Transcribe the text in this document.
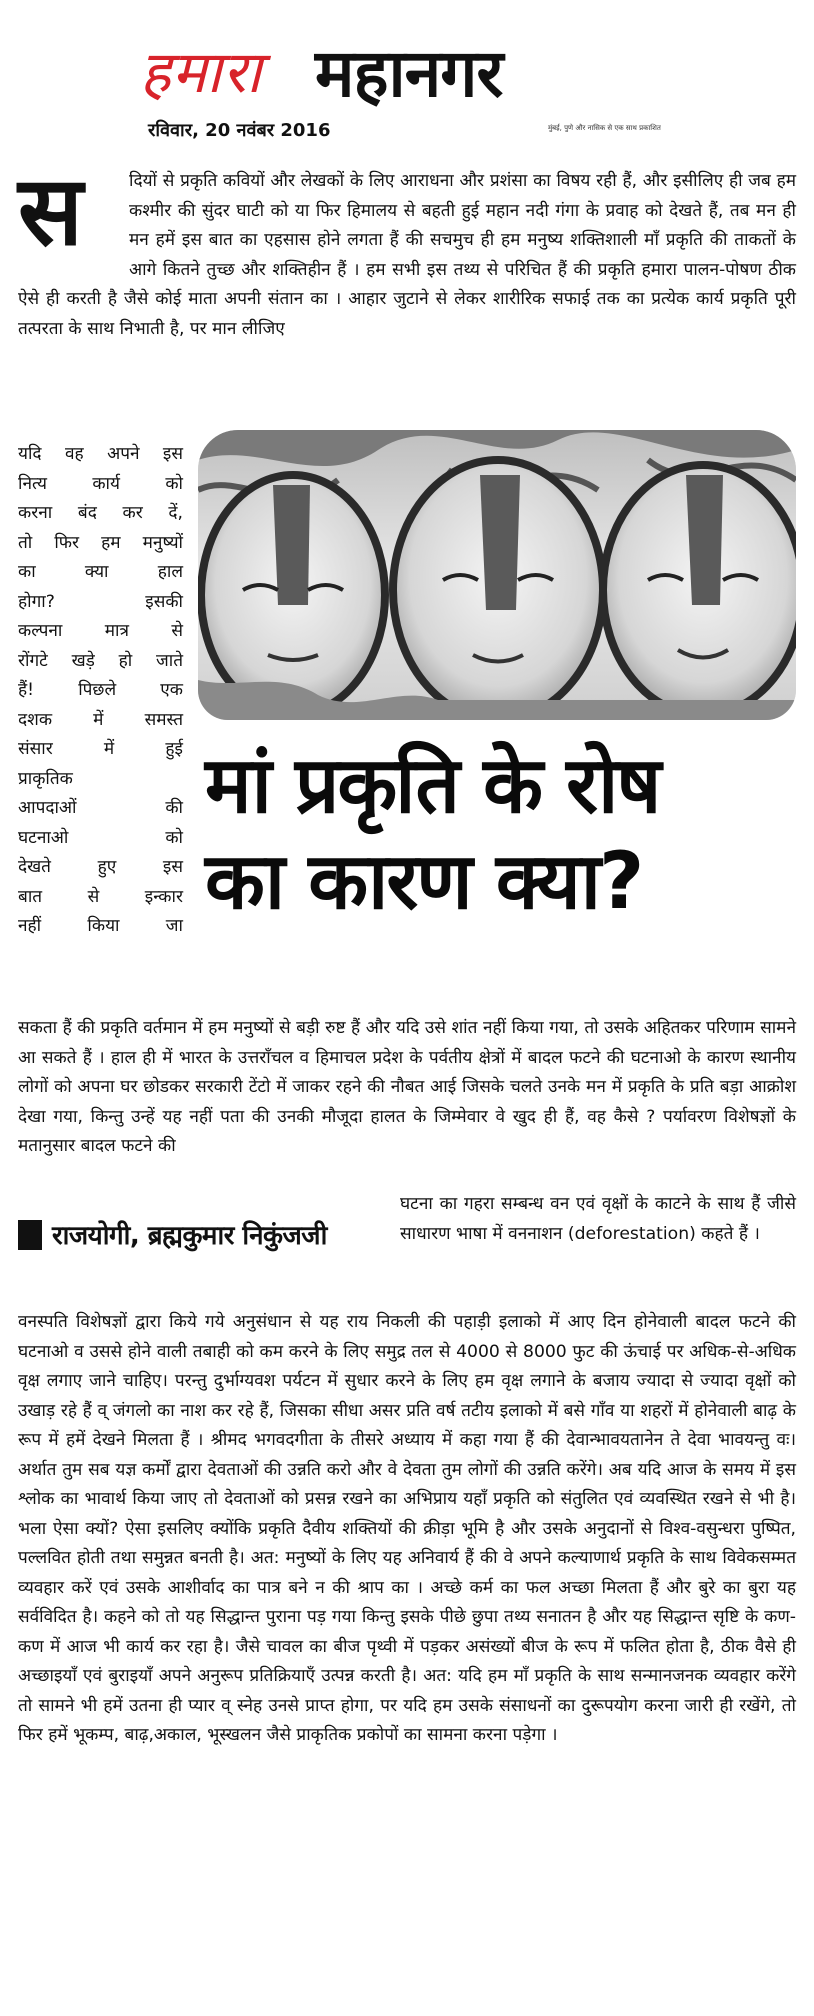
हमारा महानगर
रविवार, 20 नवंबर 2016	मुंबई, पुणे और नासिक से एक साथ प्रकाशित
स	दियों से प्रकृति कवियों और लेखकों के लिए आराधना और प्रशंसा का विषय रही हैं, और इसीलिए ही जब हम कश्मीर की सुंदर घाटी को या फिर हिमालय से बहती हुई महान नदी गंगा के प्रवाह को देखते हैं, तब मन ही मन हमें इस बात का एहसास होने लगता हैं की सचमुच ही हम मनुष्य शक्तिशाली माँ प्रकृति की ताकतों के आगे कितने तुच्छ और शक्तिहीन हैं । हम सभी इस तथ्य से परिचित हैं की प्रकृति हमारा पालन-पोषण ठीक ऐसे ही करती है जैसे कोई माता अपनी संतान का । आहार जुटाने से लेकर शारीरिक सफाई तक का प्रत्येक कार्य प्रकृति पूरी तत्परता के साथ निभाती है, पर मान लीजिए
यदि वह अपने इस
नित्य कार्य को
करना बंद कर दें,
तो फिर हम मनुष्यों
का क्या हाल
होगा? इसकी
कल्पना मात्र से
रोंगटे खड़े हो जाते
हैं! पिछले एक
दशक में समस्त
संसार में हुई
प्राकृतिक
आपदाओं की
घटनाओ को
देखते हुए इस
बात से इन्कार
नहीं किया जा
मां प्रकृति के रोष
का कारण क्या?
सकता हैं की प्रकृति वर्तमान में हम मनुष्यों से बड़ी रुष्ट हैं और यदि उसे शांत नहीं किया गया, तो उसके अहितकर परिणाम सामने आ सकते हैं । हाल ही में भारत के उत्तराँचल व हिमाचल प्रदेश के पर्वतीय क्षेत्रों में बादल फटने की घटनाओ के कारण स्थानीय लोगों को अपना घर छोडकर सरकारी टेंटो में जाकर रहने की नौबत आई जिसके चलते उनके मन में प्रकृति के प्रति बड़ा आक्रोश देखा गया, किन्तु उन्हें यह नहीं पता की उनकी मौजूदा हालत के जिम्मेवार वे खुद ही हैं, वह कैसे ? पर्यावरण विशेषज्ञों के मतानुसार बादल फटने की
राजयोगी, ब्रह्मकुमार निकुंजजी
घटना का गहरा सम्बन्ध वन एवं वृक्षों के काटने के साथ हैं जीसे साधारण भाषा में वननाशन (deforestation) कहते हैं ।
वनस्पति विशेषज्ञों द्वारा किये गये अनुसंधान से यह राय निकली की पहाड़ी इलाको में आए दिन होनेवाली बादल फटने की घटनाओ व उससे होने वाली तबाही को कम करने के लिए समुद्र तल से 4000 से 8000 फुट की ऊंचाई पर अधिक-से-अधिक वृक्ष लगाए जाने चाहिए। परन्तु दुर्भाग्यवश पर्यटन में सुधार करने के लिए हम वृक्ष लगाने के बजाय ज्यादा से ज्यादा वृक्षों को उखाड़ रहे हैं व् जंगलो का नाश कर रहे हैं, जिसका सीधा असर प्रति वर्ष तटीय इलाको में बसे गाँव या शहरों में होनेवाली बाढ़ के रूप में हमें देखने मिलता हैं । श्रीमद भगवदगीता के तीसरे अध्याय में कहा गया हैं की देवान्भावयतानेन ते देवा भावयन्तु वः। अर्थात तुम सब यज्ञ कर्मों द्वारा देवताओं की उन्नति करो और वे देवता तुम लोगों की उन्नति करेंगे। अब यदि आज के समय में इस श्लोक का भावार्थ किया जाए तो देवताओं को प्रसन्न रखने का अभिप्राय यहाँ प्रकृति को संतुलित एवं व्यवस्थित रखने से भी है। भला ऐसा क्यों? ऐसा इसलिए क्योंकि प्रकृति दैवीय शक्तियों की क्रीड़ा भूमि है और उसके अनुदानों से विश्व-वसुन्धरा पुष्पित, पल्लवित होती तथा समुन्नत बनती है। अत: मनुष्यों के लिए यह अनिवार्य हैं की वे अपने कल्याणार्थ प्रकृति के साथ विवेकसम्मत व्यवहार करें एवं उसके आशीर्वाद का पात्र बने न की श्राप का । अच्छे कर्म का फल अच्छा मिलता हैं और बुरे का बुरा यह सर्वविदित है। कहने को तो यह सिद्धान्त पुराना पड़ गया किन्तु इसके पीछे छुपा तथ्य सनातन है और यह सिद्धान्त सृष्टि के कण-कण में आज भी कार्य कर रहा है। जैसे चावल का बीज पृथ्वी में पड़कर असंख्यों बीज के रूप में फलित होता है, ठीक वैसे ही अच्छाइयाँ एवं बुराइयाँ अपने अनुरूप प्रतिक्रियाएँ उत्पन्न करती है। अत: यदि हम माँ प्रकृति के साथ सन्मानजनक व्यवहार करेंगे तो सामने भी हमें उतना ही प्यार व् स्नेह उनसे प्राप्त होगा, पर यदि हम उसके संसाधनों का दुरूपयोग करना जारी ही रखेंगे, तो फिर हमें भूकम्प, बाढ़,अकाल, भूस्खलन जैसे प्राकृतिक प्रकोपों का सामना करना पड़ेगा ।
